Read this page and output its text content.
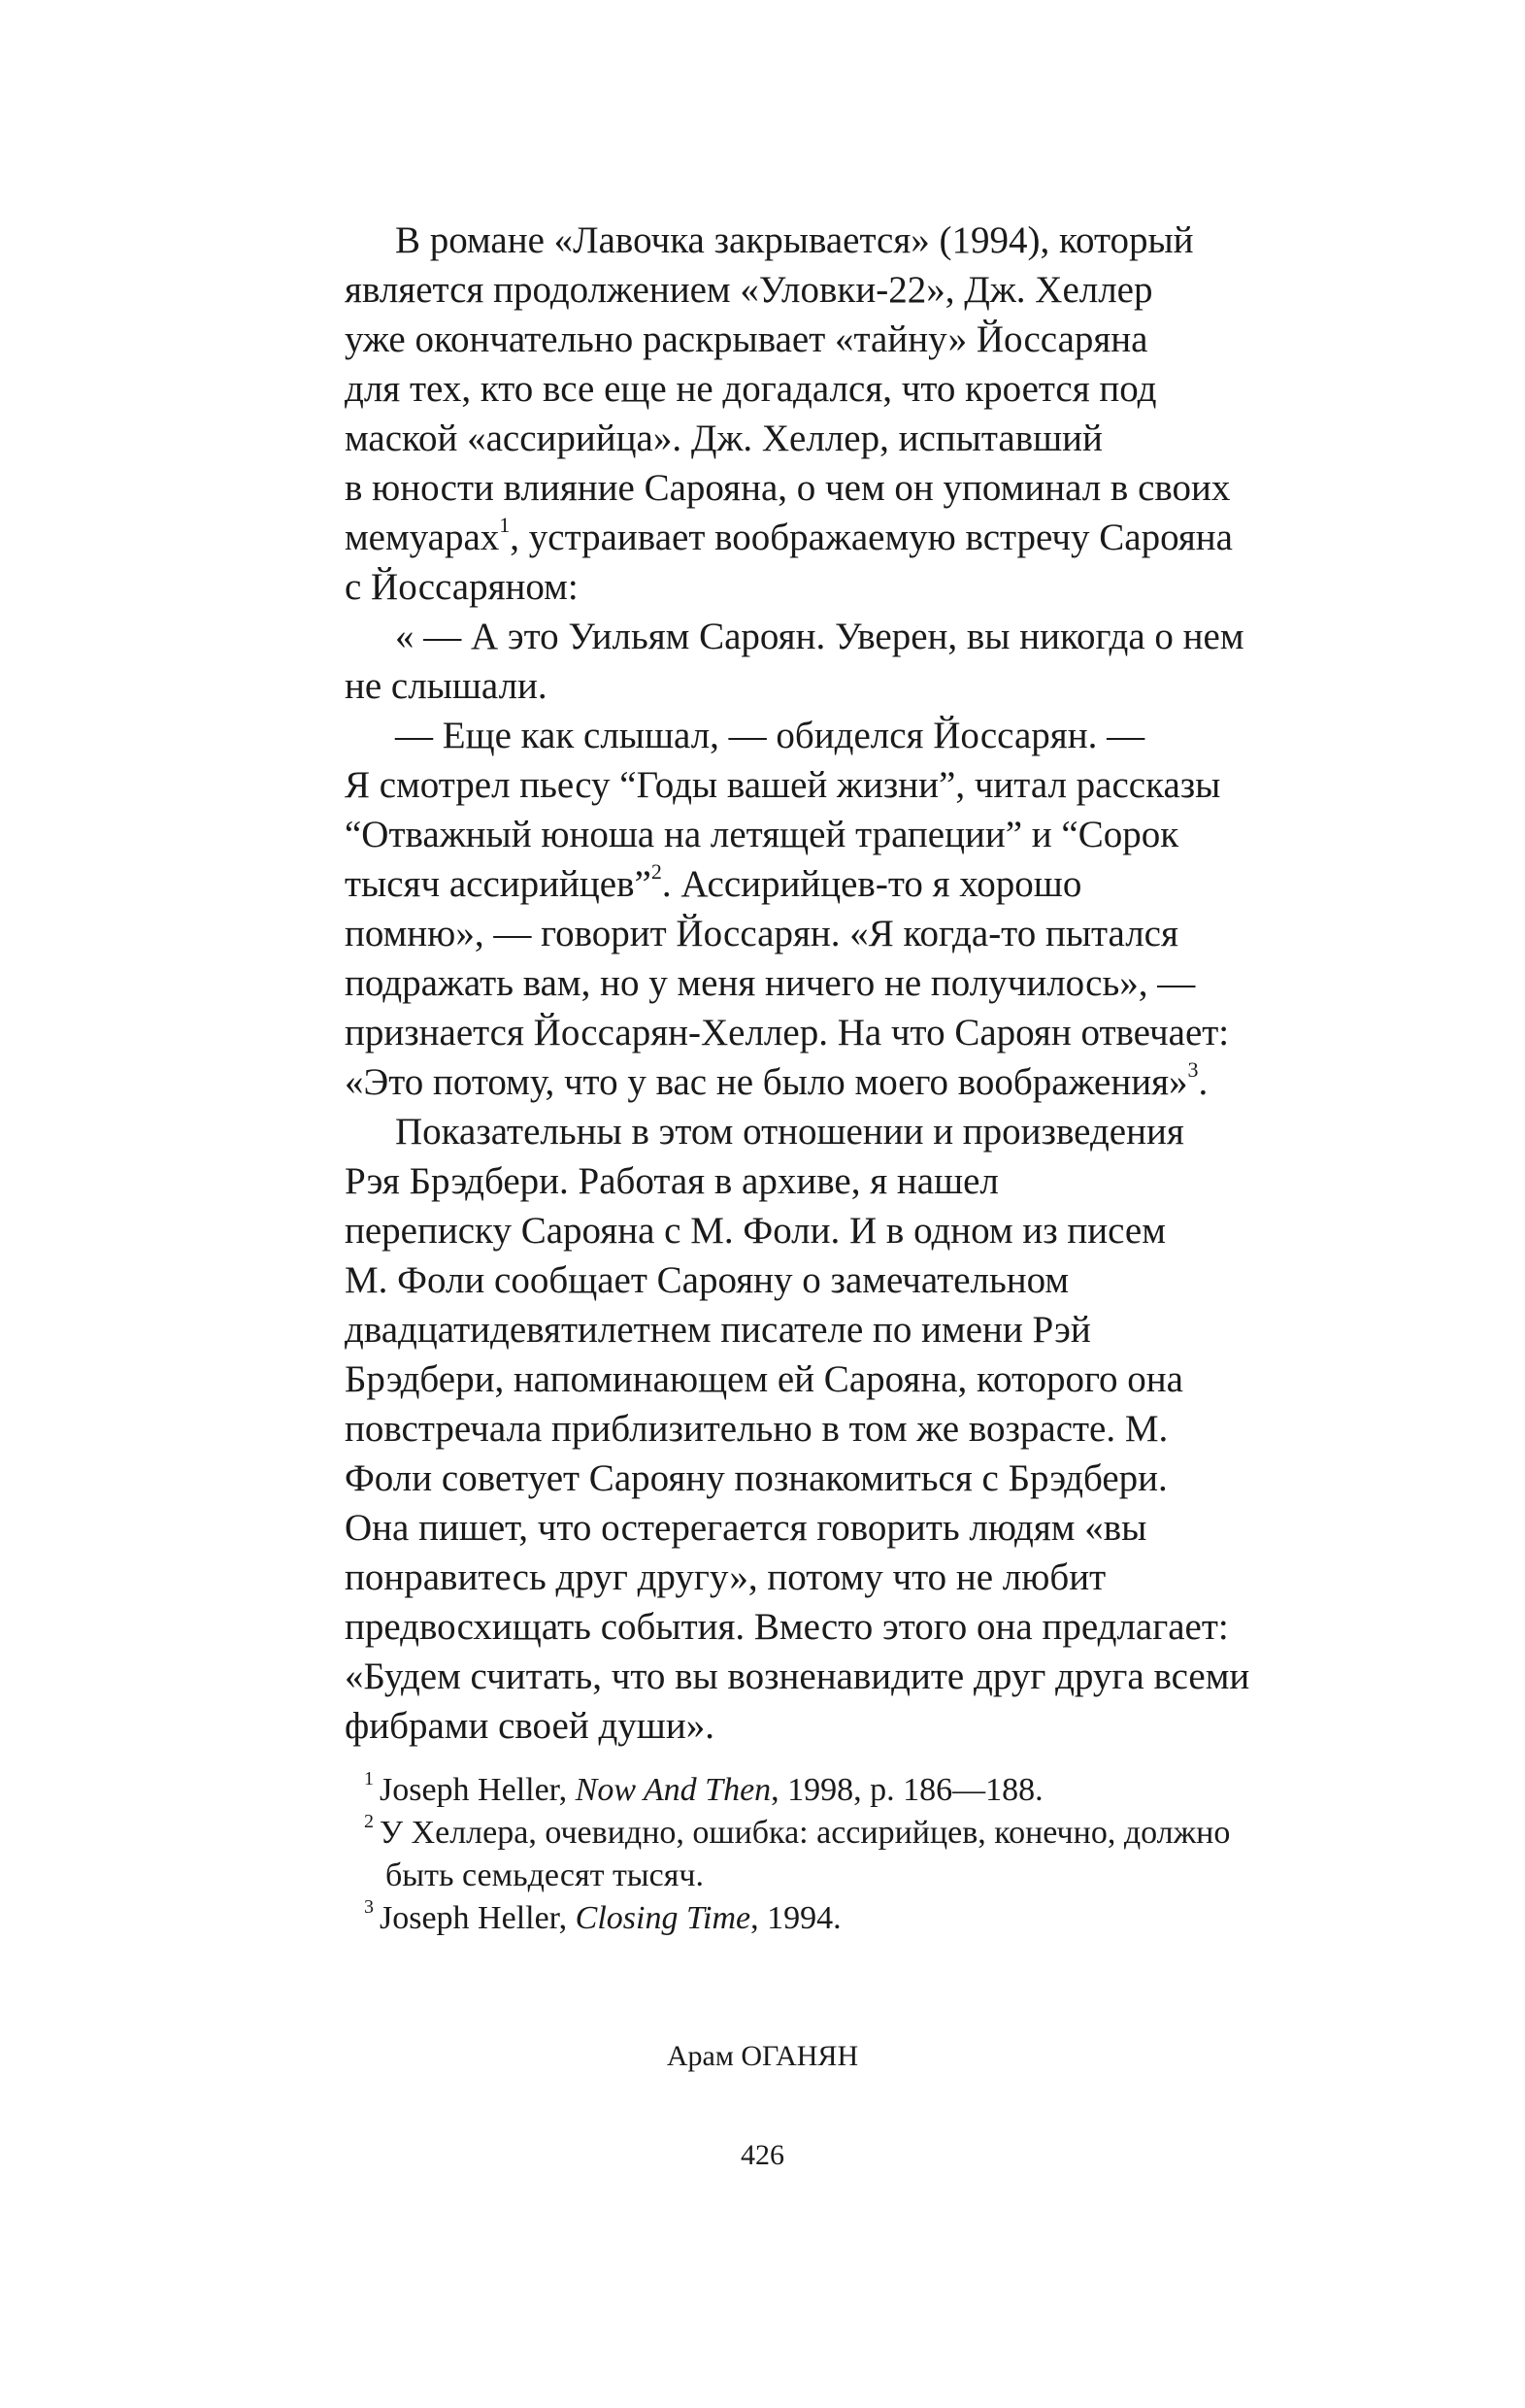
В романе «Лавочка закрывается» (1994), который
является продолжением «Уловки-22», Дж. Хеллер
уже окончательно раскрывает «тайну» Йоссаряна
для тех, кто все еще не догадался, что кроется под
маской «ассирийца». Дж. Хеллер, испытавший
в юности влияние Сарояна, о чем он упоминал в своих
мемуарах$^1$, устраивает воображаемую встречу Сарояна
с Йоссаряном:
« — А это Уильям Сароян. Уверен, вы никогда о нем
не слышали.
— Еще как слышал, — обиделся Йоссарян. —
Я смотрел пьесу “Годы вашей жизни”, читал рассказы
“Отважный юноша на летящей трапеции” и “Сорок
тысяч ассирийцев”$^2$. Ассирийцев-то я хорошо
помню», — говорит Йоссарян. «Я когда-то пытался
подражать вам, но у меня ничего не получилось», —
признается Йоссарян-Хеллер. На что Сароян отвечает:
«Это потому, что у вас не было моего воображения»$^3$.
Показательны в этом отношении и произведения
Рэя Брэдбери. Работая в архиве, я нашел
переписку Сарояна с М. Фоли. И в одном из писем
М. Фоли сообщает Сарояну о замечательном
двадцатидевятилетнем писателе по имени Рэй
Брэдбери, напоминающем ей Сарояна, которого она
повстречала приблизительно в том же возрасте. М.
Фоли советует Сарояну познакомиться с Брэдбери.
Она пишет, что остерегается говорить людям «вы
понравитесь друг другу», потому что не любит
предвосхищать события. Вместо этого она предлагает:
«Будем считать, что вы возненавидите друг друга всеми
фибрами своей души».
$^1$ Joseph Heller, Now And Then, 1998, p. 186—188.
$^2$ У Хеллера, очевидно, ошибка: ассирийцев, конечно, должно
быть семьдесят тысяч.
$^3$ Joseph Heller, Closing Time, 1994.
Арам ОГАНЯН
426
